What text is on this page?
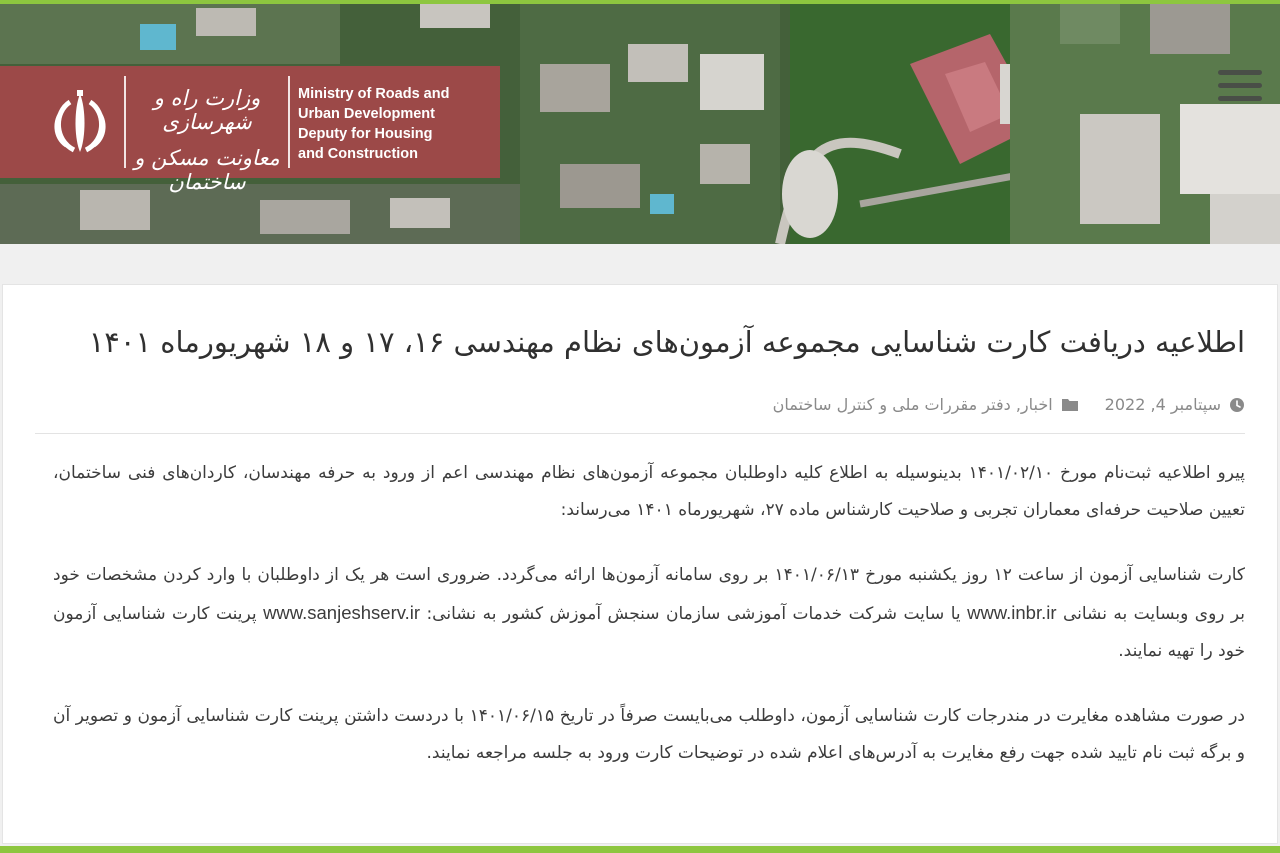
وزارت راه و شهرسازی
معاونت مسکن و ساختمان
Ministry of Roads and
Urban Development
Deputy for Housing
and Construction
اطلاعیه دریافت کارت شناسایی مجموعه آزمون‌های نظام مهندسی ۱۶، ۱۷ و ۱۸ شهریورماه ۱۴۰۱
سپتامبر 4, 2022
اخبار, دفتر مقررات ملی و کنترل ساختمان

پیرو اطلاعیه ثبت‌نام مورخ ۱۴۰۱/۰۲/۱۰ بدینوسیله به اطلاع کلیه داوطلبان مجموعه آزمون‌های نظام مهندسی اعم از ورود به حرفه مهندسان، کاردان‌های فنی ساختمان، تعیین صلاحیت حرفه‌ای معماران تجربی و صلاحیت کارشناس ماده ۲۷، شهریورماه ۱۴۰۱ می‌رساند:

کارت شناسایی آزمون از ساعت ۱۲ روز یکشنبه مورخ ۱۴۰۱/۰۶/۱۳ بر روی سامانه آزمون‌ها ارائه می‌گردد. ضروری است هر یک از داوطلبان با وارد کردن مشخصات خود بر روی وبسایت به نشانی www.inbr.ir یا سایت شرکت خدمات آموزشی سازمان سنجش آموزش کشور به نشانی: www.sanjeshserv.ir پرینت کارت شناسایی آزمون خود را تهیه نمایند.

در صورت مشاهده مغایرت در مندرجات کارت شناسایی آزمون، داوطلب می‌بایست صرفاً در تاریخ ۱۴۰۱/۰۶/۱۵ با دردست داشتن پرینت کارت شناسایی آزمون و تصویر آن و برگه ثبت نام تایید شده جهت رفع مغایرت به آدرس‌های اعلام شده در توضیحات کارت ورود به جلسه مراجعه نمایند.
